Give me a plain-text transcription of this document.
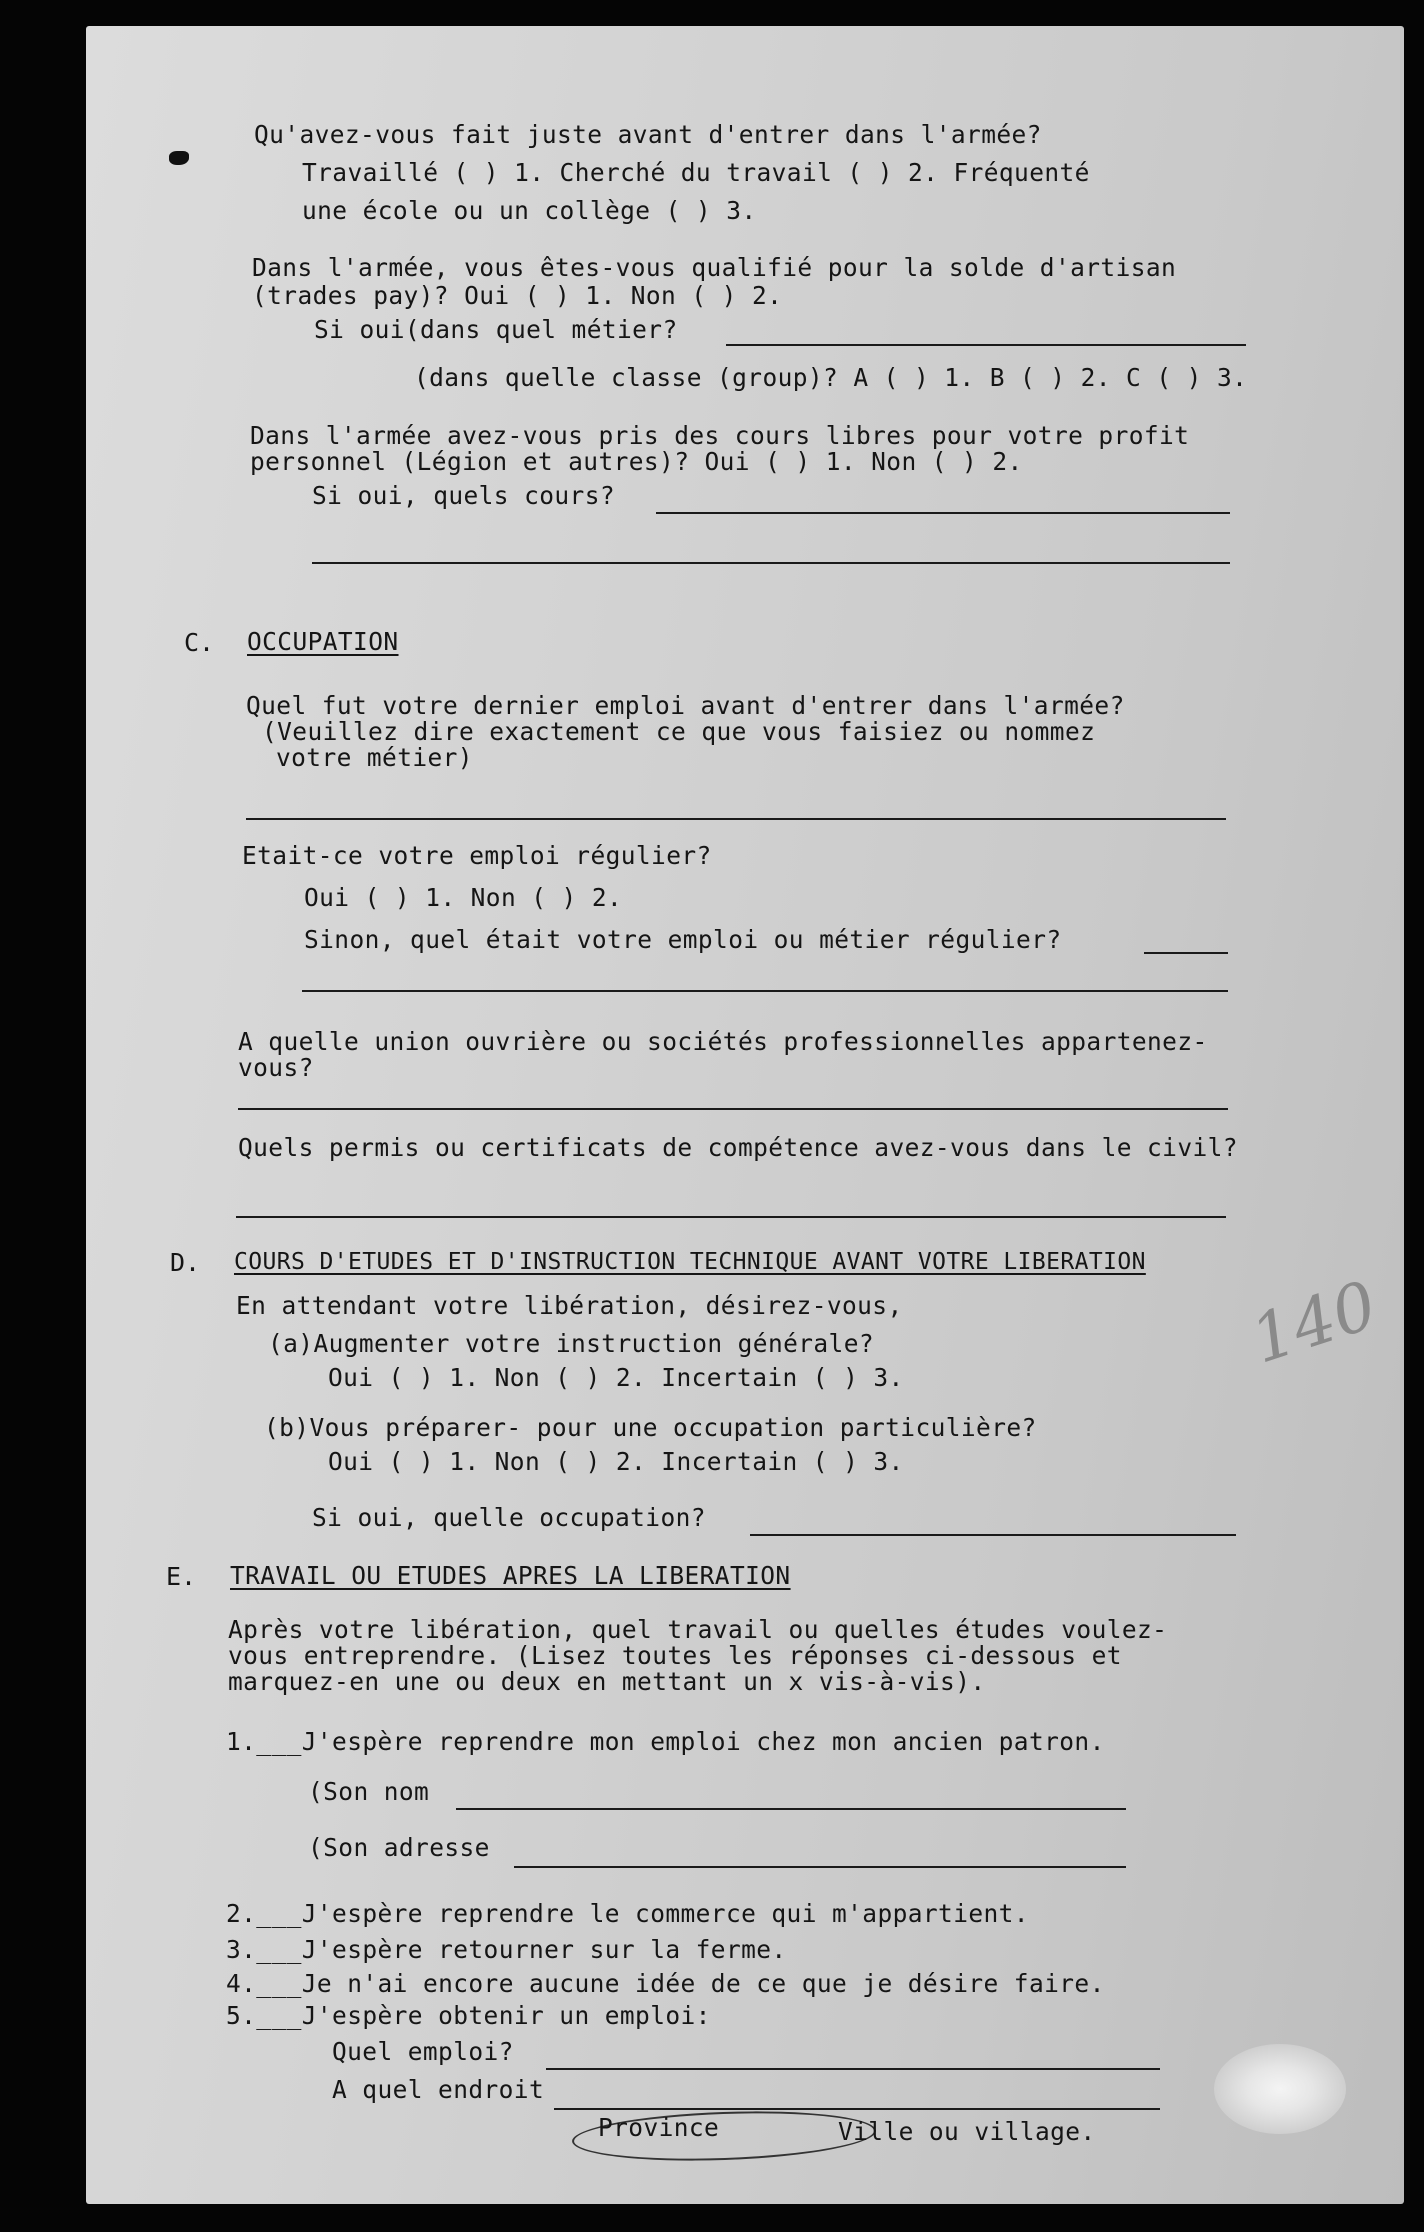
Qu'avez-vous fait juste avant d'entrer dans l'armée?
Travaillé ( ) 1. Cherché du travail ( ) 2. Fréquenté
une école ou un collège ( ) 3.
Dans l'armée, vous êtes-vous qualifié pour la solde d'artisan
(trades pay)? Oui ( ) 1. Non ( ) 2.
Si oui(dans quel métier?
(dans quelle classe (group)? A ( ) 1. B ( ) 2. C ( ) 3.
Dans l'armée avez-vous pris des cours libres pour votre profit
personnel (Légion et autres)? Oui ( ) 1. Non ( ) 2.
Si oui, quels cours?
C. OCCUPATION
Quel fut votre dernier emploi avant d'entrer dans l'armée?
(Veuillez dire exactement ce que vous faisiez ou nommez
votre métier)
Etait-ce votre emploi régulier?
Oui ( ) 1. Non ( ) 2.
Sinon, quel était votre emploi ou métier régulier?
A quelle union ouvrière ou sociétés professionnelles appartenez-
vous?
Quels permis ou certificats de compétence avez-vous dans le civil?
D. COURS D'ETUDES ET D'INSTRUCTION TECHNIQUE AVANT VOTRE LIBERATION
En attendant votre libération, désirez-vous,
(a)Augmenter votre instruction générale?
Oui ( ) 1. Non ( ) 2. Incertain ( ) 3.
(b)Vous préparer- pour une occupation particulière?
Oui ( ) 1. Non ( ) 2. Incertain ( ) 3.
Si oui, quelle occupation?
140
E. TRAVAIL OU ETUDES APRES LA LIBERATION
Après votre libération, quel travail ou quelles études voulez-
vous entreprendre. (Lisez toutes les réponses ci-dessous et
marquez-en une ou deux en mettant un x vis-à-vis).
1.___J'espère reprendre mon emploi chez mon ancien patron.
(Son nom
(Son adresse
2.___J'espère reprendre le commerce qui m'appartient.
3.___J'espère retourner sur la ferme.
4.___Je n'ai encore aucune idée de ce que je désire faire.
5.___J'espère obtenir un emploi:
Quel emploi?
A quel endroit
Province	Ville ou village.
